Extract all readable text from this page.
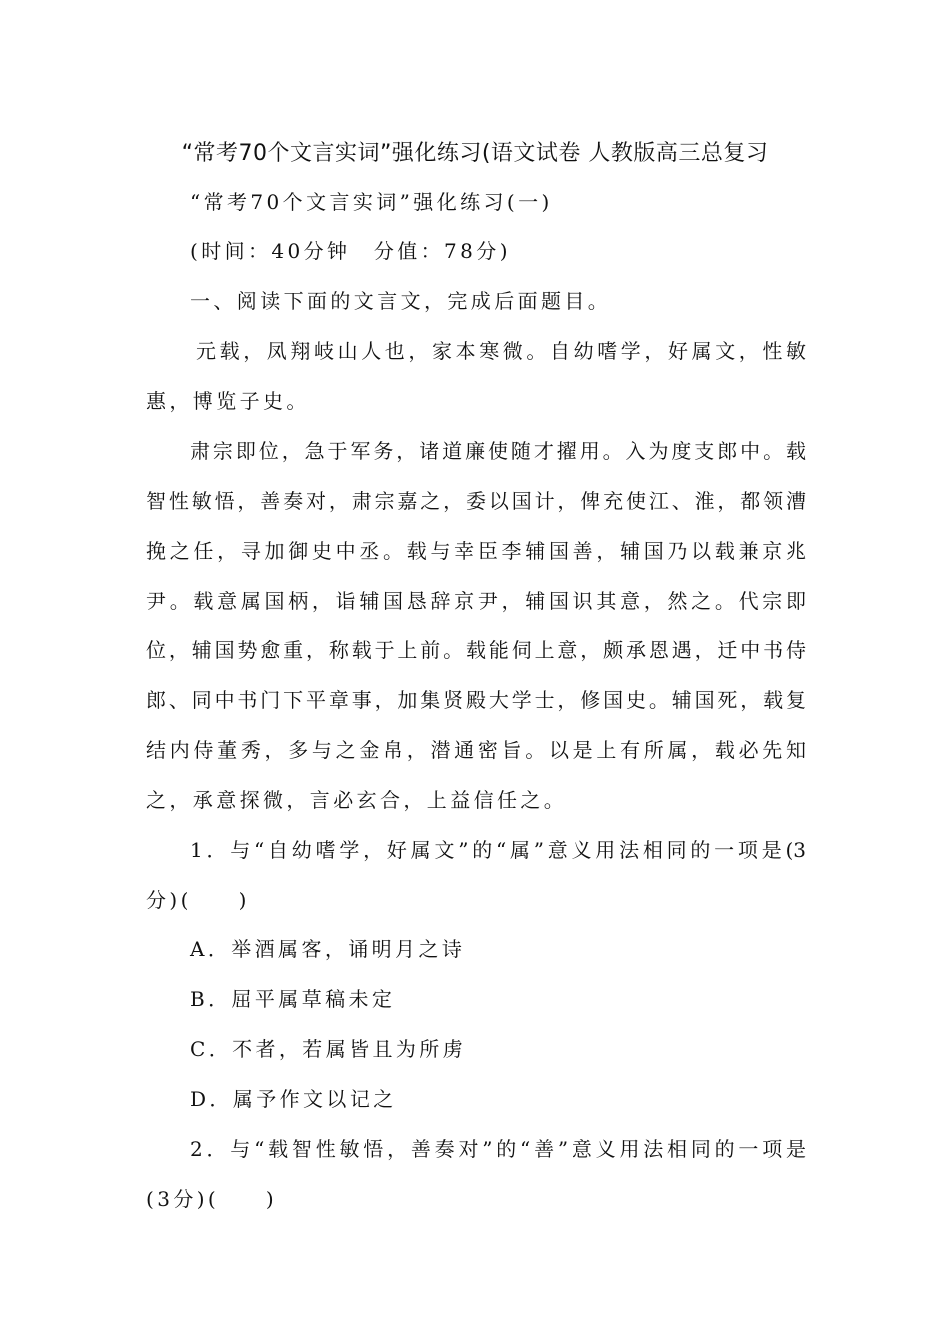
“常考70个文言实词”强化练习(语文试卷 人教版高三总复习
“常考70个文言实词”强化练习(一)
(时间：40分钟　分值：78分)
一、阅读下面的文言文，完成后面题目。
元载，凤翔岐山人也，家本寒微。自幼嗜学，好属文，性敏
惠，博览子史。
肃宗即位，急于军务，诸道廉使随才擢用。入为度支郎中。载
智性敏悟，善奏对，肃宗嘉之，委以国计，俾充使江、淮，都领漕
挽之任，寻加御史中丞。载与幸臣李辅国善，辅国乃以载兼京兆
尹。载意属国柄，诣辅国恳辞京尹，辅国识其意，然之。代宗即
位，辅国势愈重，称载于上前。载能伺上意，颇承恩遇，迁中书侍
郎、同中书门下平章事，加集贤殿大学士，修国史。辅国死，载复
结内侍董秀，多与之金帛，潜通密旨。以是上有所属，载必先知
之，承意探微，言必玄合，上益信任之。
1．与“自幼嗜学，好属文”的“属”意义用法相同的一项是(3
分)(　　)
A．举酒属客，诵明月之诗
B．屈平属草稿未定
C．不者，若属皆且为所虏
D．属予作文以记之
2．与“载智性敏悟，善奏对”的“善”意义用法相同的一项是
(3分)(　　)
